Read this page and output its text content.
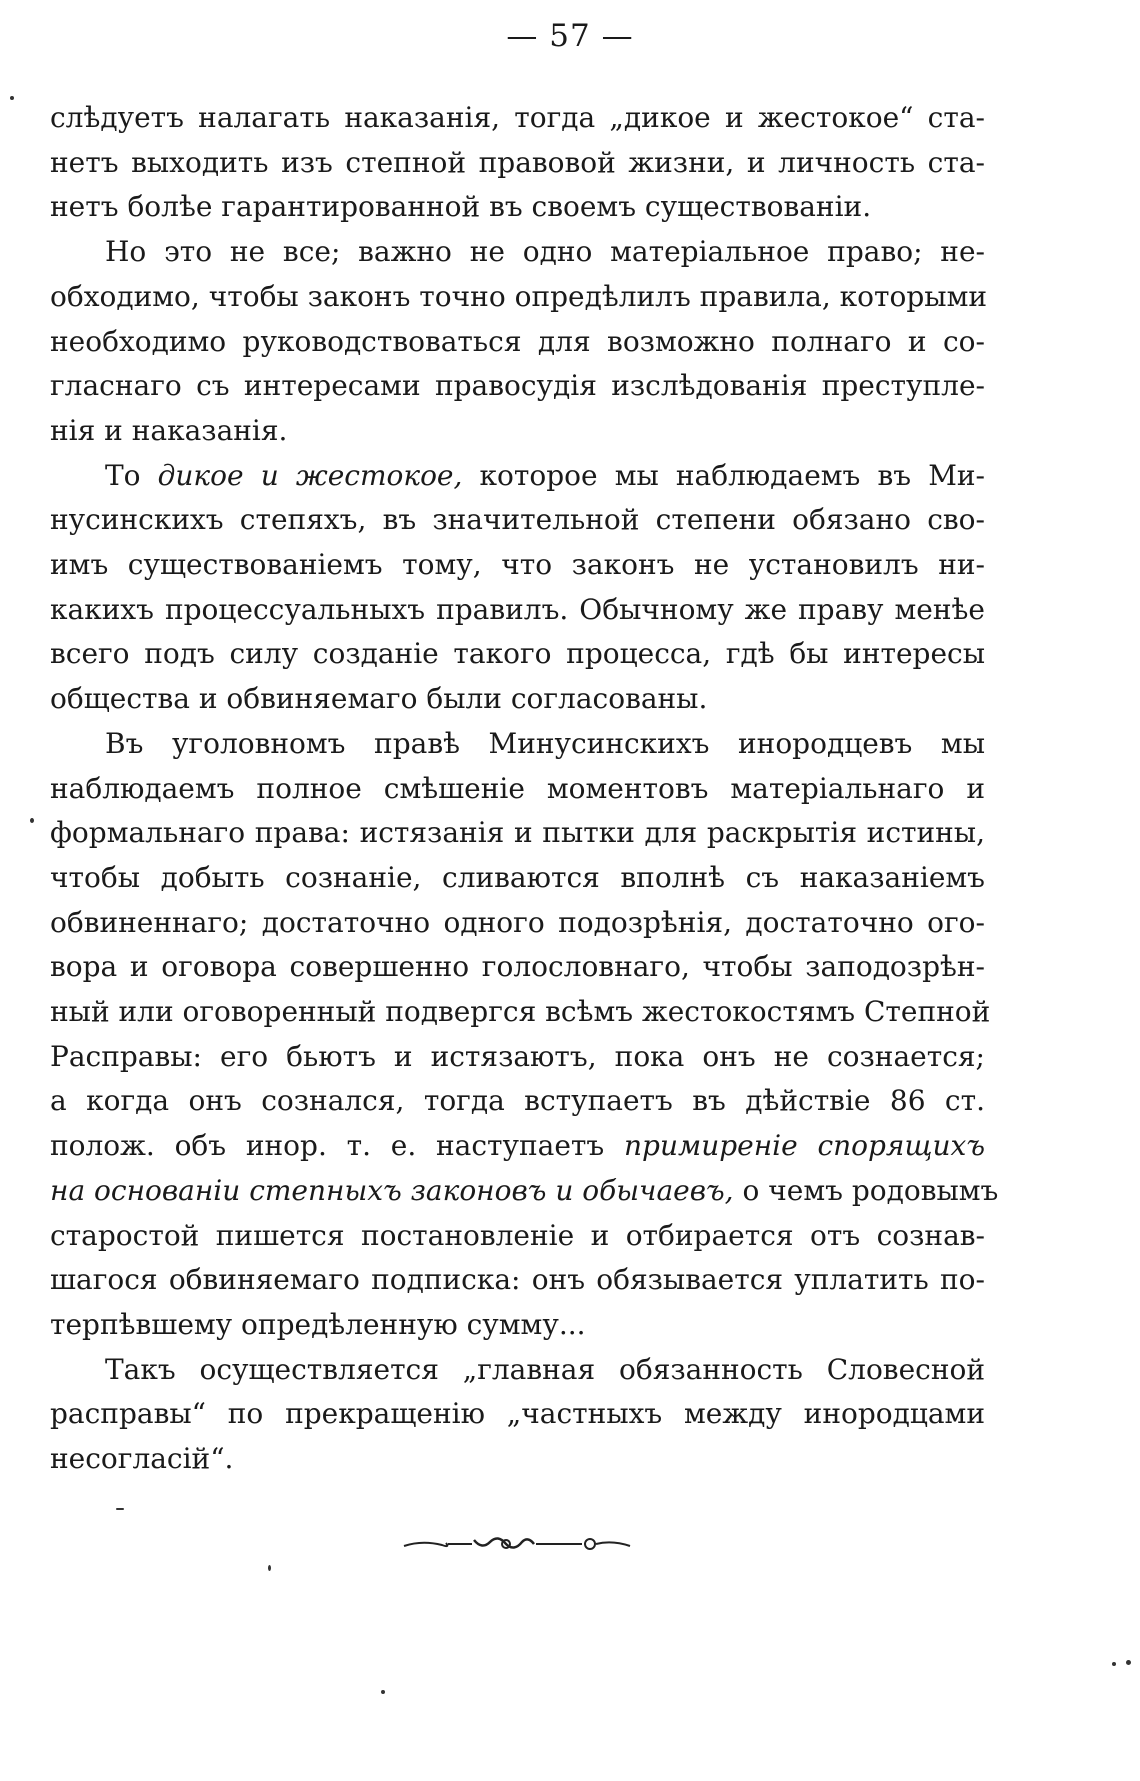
— 57 —

слѣдуетъ налагать наказанія, тогда „дикое и жестокое“ ста-
нетъ выходить изъ степной правовой жизни, и личность ста-
нетъ болѣе гарантированной въ своемъ существованіи.

Но это не все; важно не одно матеріальное право; не-
обходимо, чтобы законъ точно опредѣлилъ правила, которыми
необходимо руководствоваться для возможно полнаго и со-
гласнаго съ интересами правосудія изслѣдованія преступле-
нія и наказанія.

То дикое и жестокое, которое мы наблюдаемъ въ Ми-
нусинскихъ степяхъ, въ значительной степени обязано сво-
имъ существованіемъ тому, что законъ не установилъ ни-
какихъ процессуальныхъ правилъ. Обычному же праву менѣе
всего подъ силу созданіе такого процесса, гдѣ бы интересы
общества и обвиняемаго были согласованы.

Въ уголовномъ правѣ Минусинскихъ инородцевъ мы
наблюдаемъ полное смѣшеніе моментовъ матеріальнаго и
формальнаго права: истязанія и пытки для раскрытія истины,
чтобы добыть сознаніе, сливаются вполнѣ съ наказаніемъ
обвиненнаго; достаточно одного подозрѣнія, достаточно ого-
вора и оговора совершенно голословнаго, чтобы заподозрѣн-
ный или оговоренный подвергся всѣмъ жестокостямъ Степной
Расправы: его бьютъ и истязаютъ, пока онъ не сознается;
а когда онъ сознался, тогда вступаетъ въ дѣйствіе 86 ст.
полож. объ инор. т. е. наступаетъ примиреніе спорящихъ
на основаніи степныхъ законовъ и обычаевъ, о чемъ родовымъ
старостой пишется постановленіе и отбирается отъ сознав-
шагося обвиняемаго подписка: онъ обязывается уплатить по-
терпѣвшему опредѣленную сумму...

Такъ осуществляется „главная обязанность Словесной
расправы“ по прекращенію „частныхъ между инородцами
несогласій“.
